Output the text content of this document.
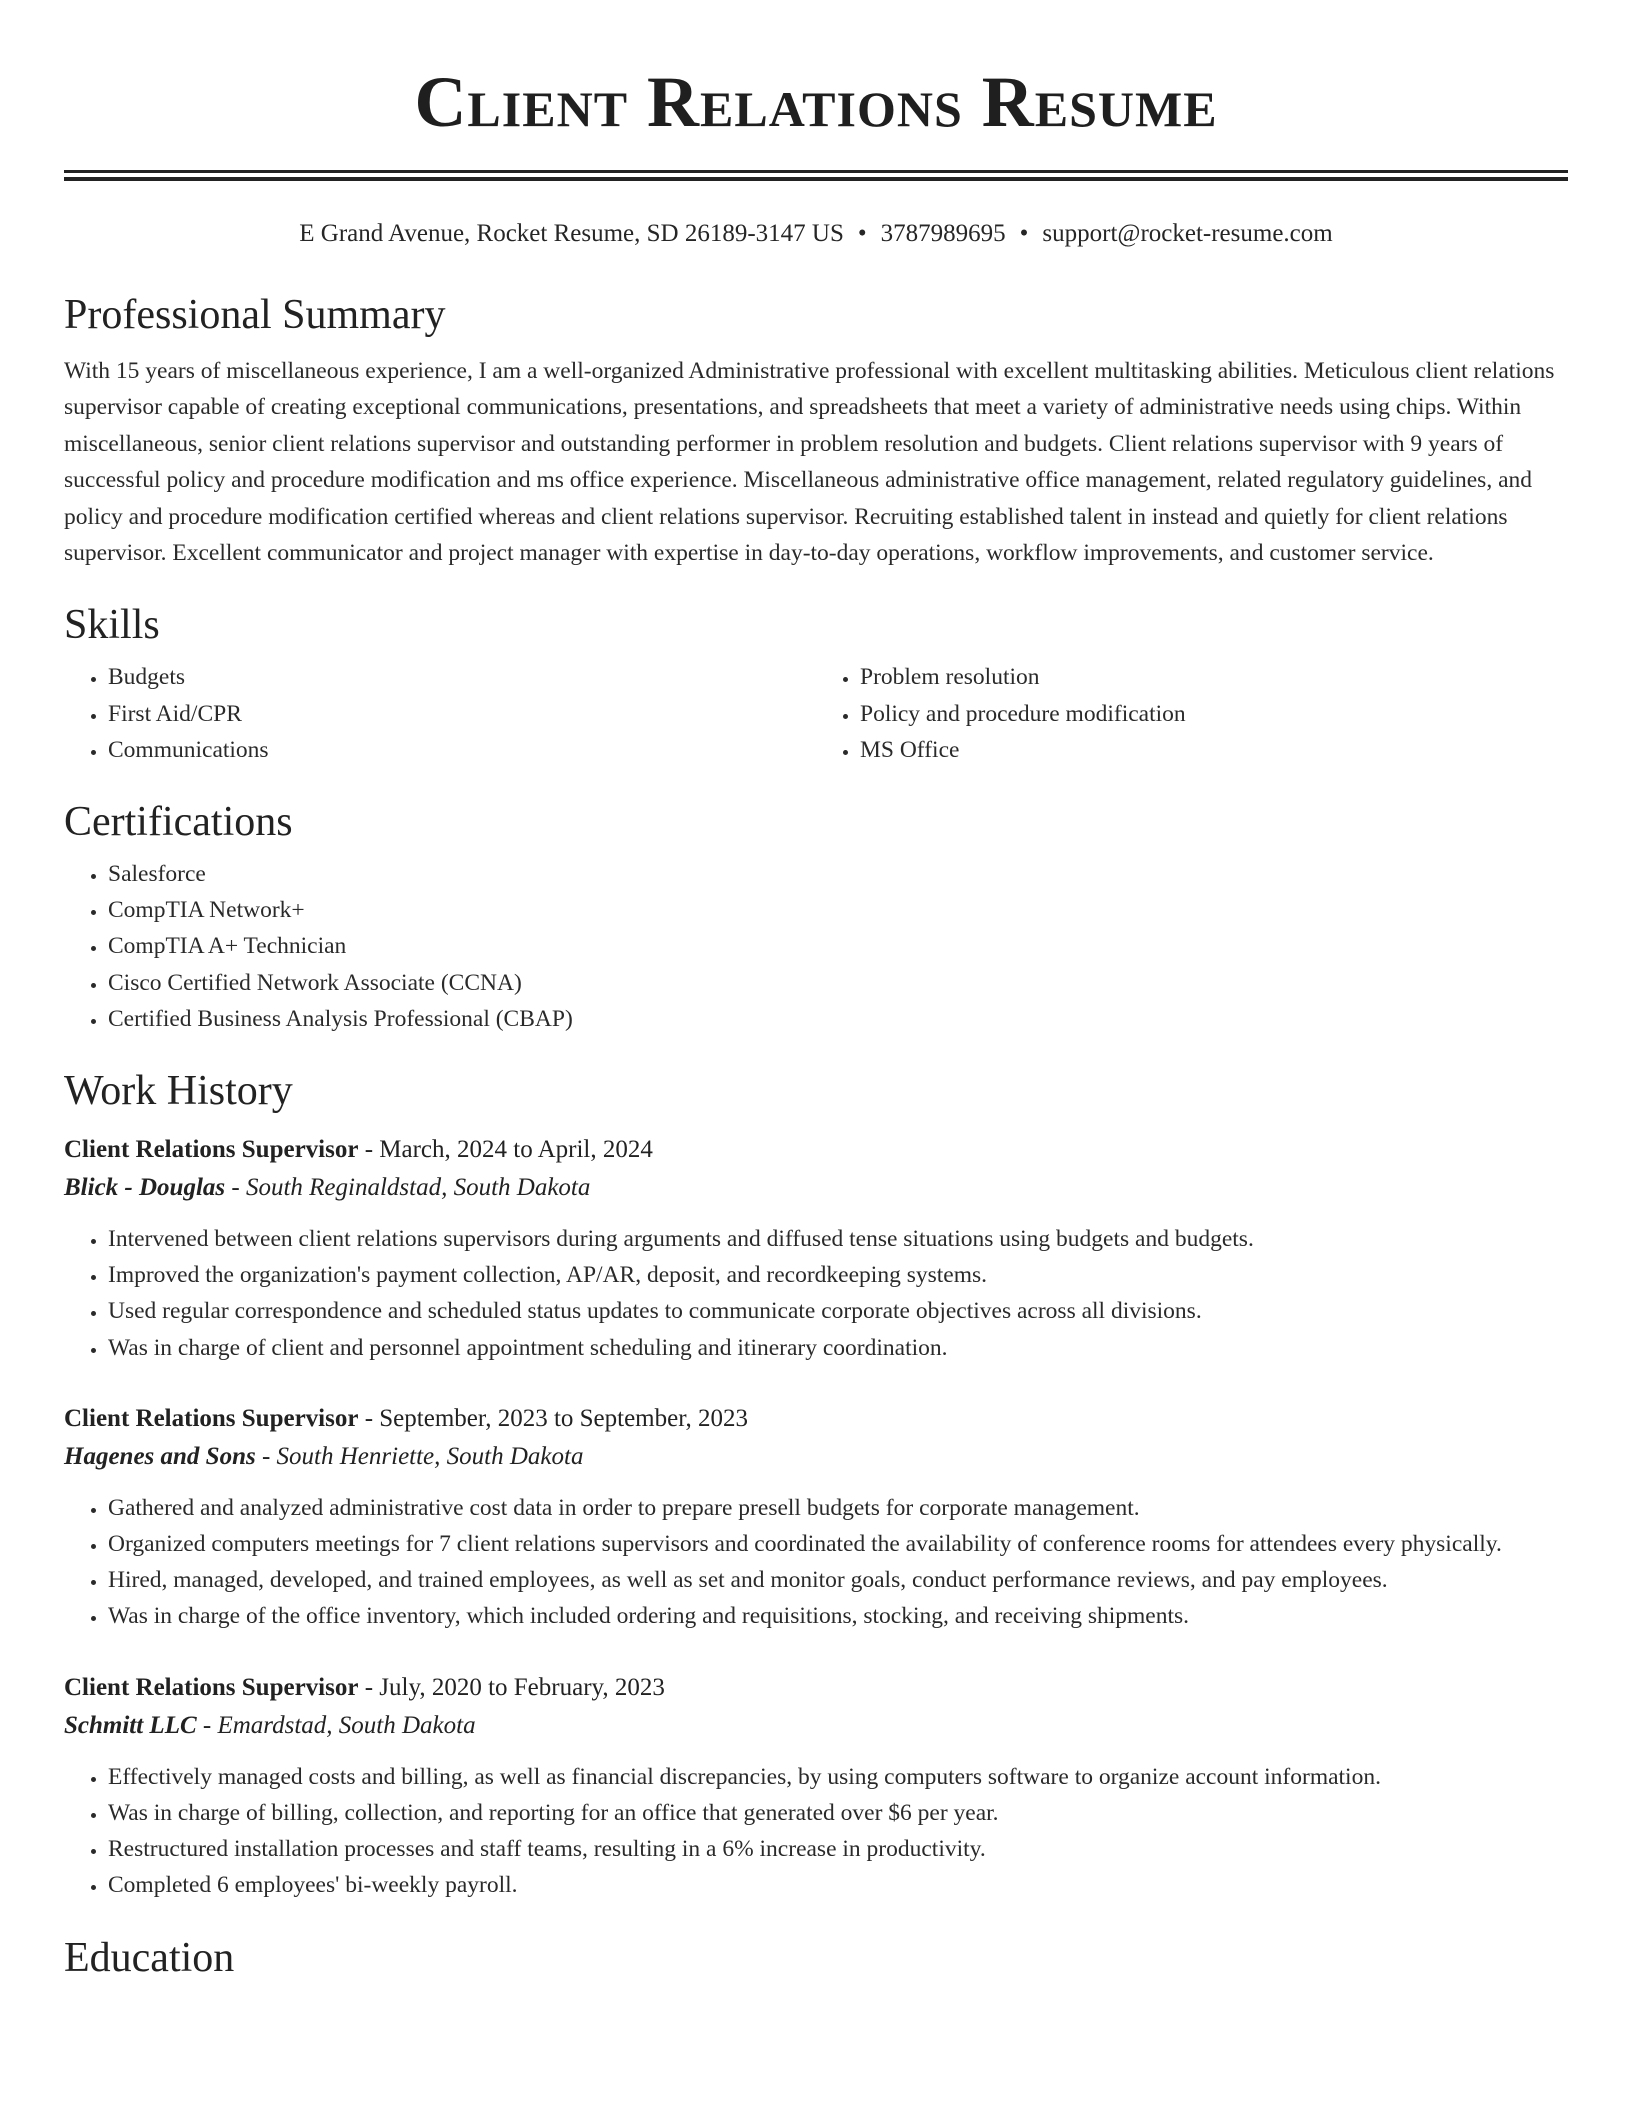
Client Relations Resume
E Grand Avenue, Rocket Resume, SD 26189-3147 US • 3787989695 • support@rocket-resume.com
Professional Summary

With 15 years of miscellaneous experience, I am a well-organized Administrative professional with excellent multitasking abilities. Meticulous client relations supervisor capable of creating exceptional communications, presentations, and spreadsheets that meet a variety of administrative needs using chips. Within miscellaneous, senior client relations supervisor and outstanding performer in problem resolution and budgets. Client relations supervisor with 9 years of successful policy and procedure modification and ms office experience. Miscellaneous administrative office management, related regulatory guidelines, and policy and procedure modification certified whereas and client relations supervisor. Recruiting established talent in instead and quietly for client relations supervisor. Excellent communicator and project manager with expertise in day-to-day operations, workflow improvements, and customer service.

Skills
• Budgets
• First Aid/CPR
• Communications
• Problem resolution
• Policy and procedure modification
• MS Office
Certifications
• Salesforce
• CompTIA Network+
• CompTIA A+ Technician
• Cisco Certified Network Associate (CCNA)
• Certified Business Analysis Professional (CBAP)
Work History
Client Relations Supervisor - March, 2024 to April, 2024
Blick - Douglas - South Reginaldstad, South Dakota
• Intervened between client relations supervisors during arguments and diffused tense situations using budgets and budgets.
• Improved the organization's payment collection, AP/AR, deposit, and recordkeeping systems.
• Used regular correspondence and scheduled status updates to communicate corporate objectives across all divisions.
• Was in charge of client and personnel appointment scheduling and itinerary coordination.
Client Relations Supervisor - September, 2023 to September, 2023
Hagenes and Sons - South Henriette, South Dakota
• Gathered and analyzed administrative cost data in order to prepare presell budgets for corporate management.
• Organized computers meetings for 7 client relations supervisors and coordinated the availability of conference rooms for attendees every physically.
• Hired, managed, developed, and trained employees, as well as set and monitor goals, conduct performance reviews, and pay employees.
• Was in charge of the office inventory, which included ordering and requisitions, stocking, and receiving shipments.
Client Relations Supervisor - July, 2020 to February, 2023
Schmitt LLC - Emardstad, South Dakota
• Effectively managed costs and billing, as well as financial discrepancies, by using computers software to organize account information.
• Was in charge of billing, collection, and reporting for an office that generated over $6 per year.
• Restructured installation processes and staff teams, resulting in a 6% increase in productivity.
• Completed 6 employees' bi-weekly payroll.
Education
